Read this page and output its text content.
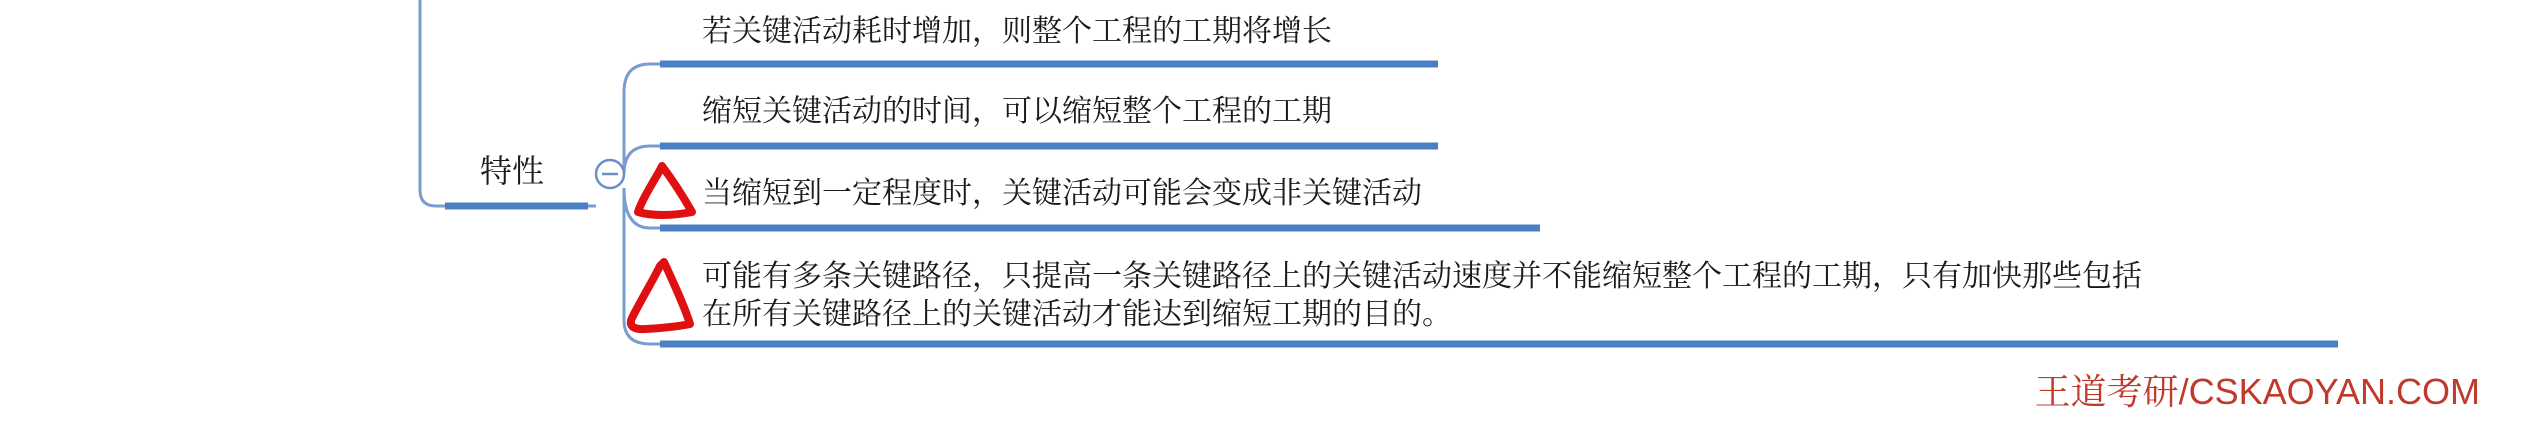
特性
若关键活动耗时增加，则整个工程的工期将增长
缩短关键活动的时间，可以缩短整个工程的工期
当缩短到一定程度时，关键活动可能会变成非关键活动
可能有多条关键路径，只提高一条关键路径上的关键活动速度并不能缩短整个工程的工期，只有加快那些包括
在所有关键路径上的关键活动才能达到缩短工期的目的。
王道考研/CSKAOYAN.COM
